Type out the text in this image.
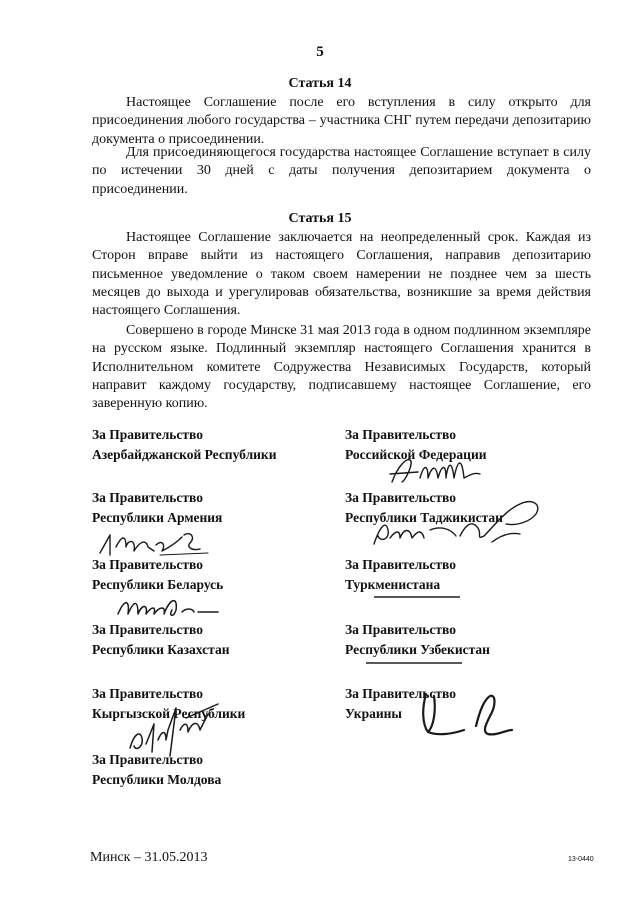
5
Статья 14
Настоящее Соглашение после его вступления в силу открыто для присоединения любого государства – участника СНГ путем передачи депозитарию документа о присоединении.
Для присоединяющегося государства настоящее Соглашение вступает в силу по истечении 30 дней с даты получения депозитарием документа о присоединении.
Статья 15
Настоящее Соглашение заключается на неопределенный срок. Каждая из Сторон вправе выйти из настоящего Соглашения, направив депозитарию письменное уведомление о таком своем намерении не позднее чем за шесть месяцев до выхода и урегулировав обязательства, возникшие за время действия настоящего Соглашения.
Совершено в городе Минске 31 мая 2013 года в одном подлинном экземпляре на русском языке. Подлинный экземпляр настоящего Соглашения хранится в Исполнительном комитете Содружества Независимых Государств, который направит каждому государству, подписавшему настоящее Соглашение, его заверенную копию.
За Правительство
Азербайджанской Республики
За Правительство
Республики Армения
За Правительство
Республики Беларусь
За Правительство
Республики Казахстан
За Правительство
Кыргызской Республики
За Правительство
Республики Молдова
За Правительство
Российской Федерации
За Правительство
Республики Таджикистан
За Правительство
Туркменистана
За Правительство
Республики Узбекистан
За Правительство
Украины
Минск – 31.05.2013	13-0440
